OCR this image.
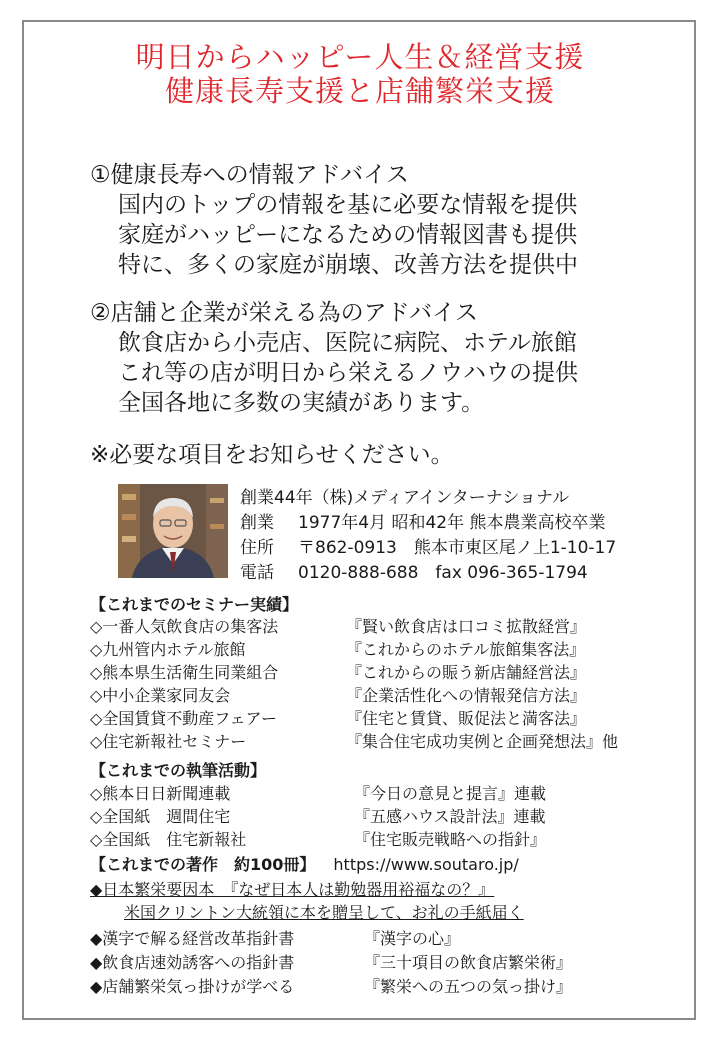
明日からハッピー人生＆経営支援
健康長寿支援と店舗繁栄支援
①健康長寿への情報アドバイス
国内のトップの情報を基に必要な情報を提供
家庭がハッピーになるための情報図書も提供
特に、多くの家庭が崩壊、改善方法を提供中
②店舗と企業が栄える為のアドバイス
飲食店から小売店、医院に病院、ホテル旅館
これ等の店が明日から栄えるノウハウの提供
全国各地に多数の実績があります。
※必要な項目をお知らせください。
創業44年（株)メディアインターナショナル
創業 1977年4月 昭和42年 熊本農業高校卒業
住所 〒862-0913　熊本市東区尾ノ上1-10-17
電話 0120-888-688　fax 096-365-1794
【これまでのセミナー実績】
◇一番人気飲食店の集客法	『賢い飲食店は口コミ拡散経営』
◇九州管内ホテル旅館	『これからのホテル旅館集客法』
◇熊本県生活衛生同業組合	『これからの賑う新店舗経営法』
◇中小企業家同友会	『企業活性化への情報発信方法』
◇全国賃貸不動産フェアー	『住宅と賃貸、販促法と満客法』
◇住宅新報社セミナー	『集合住宅成功実例と企画発想法』他
【これまでの執筆活動】
◇熊本日日新聞連載	『今日の意見と提言』連載
◇全国紙　週間住宅	『五感ハウス設計法』連載
◇全国紙　住宅新報社	『住宅販売戦略への指針』
【これまでの著作　約100冊】 https://www.soutaro.jp/
◆日本繁栄要因本　『なぜ日本人は勤勉器用裕福なの？』
米国クリントン大統領に本を贈呈して、お礼の手紙届く
◆漢字で解る経営改革指針書	『漢字の心』
◆飲食店速効誘客への指針書	『三十項目の飲食店繁栄術』
◆店舗繁栄気っ掛けが学べる	『繁栄への五つの気っ掛け』
